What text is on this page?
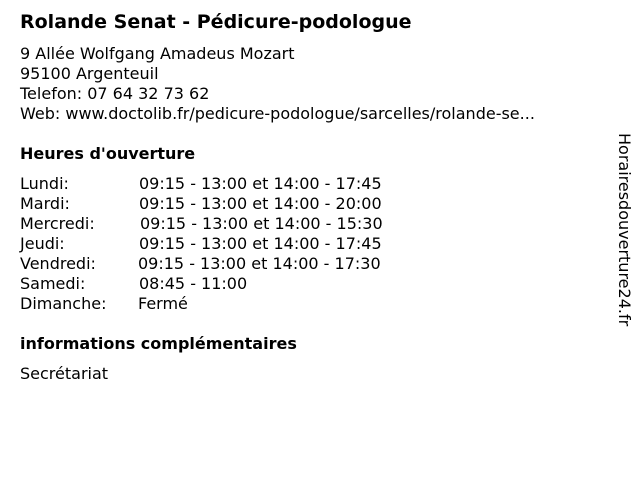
Rolande Senat - Pédicure-podologue
9 Allée Wolfgang Amadeus Mozart
95100 Argenteuil
Telefon: 07 64 32 73 62
Web: www.doctolib.fr/pedicure-podologue/sarcelles/rolande-se...
Heures d'ouverture
Lundi:	09:15 - 13:00 et 14:00 - 17:45
Mardi:	09:15 - 13:00 et 14:00 - 20:00
Mercredi:	09:15 - 13:00 et 14:00 - 15:30
Jeudi:	09:15 - 13:00 et 14:00 - 17:45
Vendredi:	09:15 - 13:00 et 14:00 - 17:30
Samedi:	08:45 - 11:00
Dimanche: Fermé
informations complémentaires
Secrétariat
Horairesdouverture24.fr
